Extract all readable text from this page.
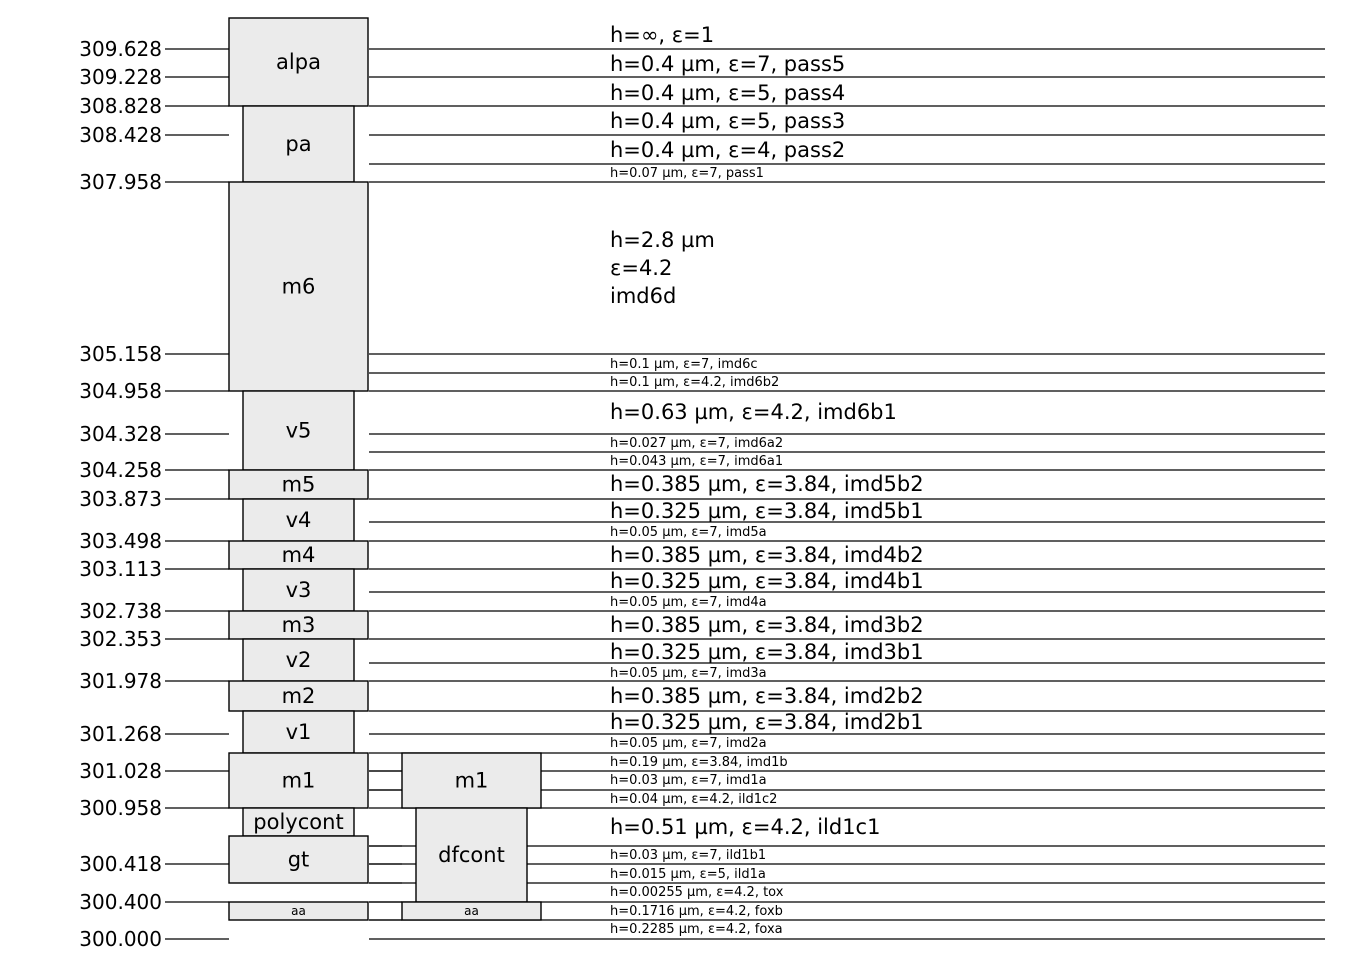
309.628
309.228
308.828
308.428
307.958
305.158
304.958
304.328
304.258
303.873
303.498
303.113
302.738
302.353
301.978
301.268
301.028
300.958
300.418
300.400
300.000
alpa
pa
m6
v5
m5
v4
m4
v3
m3
v2
m2
v1
m1
polycont
gt
aa
m1
dfcont
aa
h=∞, ε=1
h=0.4 µm, ε=7, pass5
h=0.4 µm, ε=5, pass4
h=0.4 µm, ε=5, pass3
h=0.4 µm, ε=4, pass2
h=0.07 µm, ε=7, pass1
h=2.8 µm
ε=4.2
imd6d
h=0.1 µm, ε=7, imd6c
h=0.1 µm, ε=4.2, imd6b2
h=0.63 µm, ε=4.2, imd6b1
h=0.027 µm, ε=7, imd6a2
h=0.043 µm, ε=7, imd6a1
h=0.385 µm, ε=3.84, imd5b2
h=0.325 µm, ε=3.84, imd5b1
h=0.05 µm, ε=7, imd5a
h=0.385 µm, ε=3.84, imd4b2
h=0.325 µm, ε=3.84, imd4b1
h=0.05 µm, ε=7, imd4a
h=0.385 µm, ε=3.84, imd3b2
h=0.325 µm, ε=3.84, imd3b1
h=0.05 µm, ε=7, imd3a
h=0.385 µm, ε=3.84, imd2b2
h=0.325 µm, ε=3.84, imd2b1
h=0.05 µm, ε=7, imd2a
h=0.19 µm, ε=3.84, imd1b
h=0.03 µm, ε=7, imd1a
h=0.04 µm, ε=4.2, ild1c2
h=0.51 µm, ε=4.2, ild1c1
h=0.03 µm, ε=7, ild1b1
h=0.015 µm, ε=5, ild1a
h=0.00255 µm, ε=4.2, tox
h=0.1716 µm, ε=4.2, foxb
h=0.2285 µm, ε=4.2, foxa
